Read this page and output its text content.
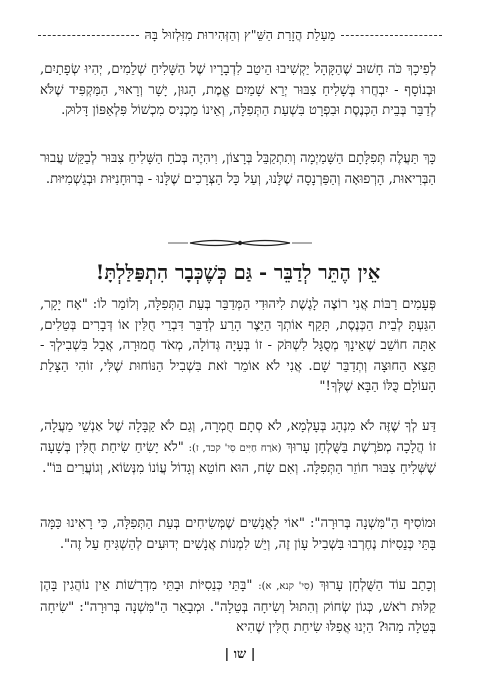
מַעַלַת הֲזָרַת הַשֵּׁ"ץ וְהַזְּהִירוּת מִזִּלְזוּל בָּהּ

לְפִיכָךְ כֹּה חָשׁוּב שֶׁהַקָּהָל יַקְשִׁיבוּ הֵיטֵב לִדְבָרָיו שֶׁל הַשָּׁלִיחַ שְׁלֵמִים, יְהִיוּ שְׂפָתַיִם, וּבְנוֹסָף - יִבְחֲרוּ בְּשָׁלִיחַ צִבּוּר יְרֵא שָׁמַיִם אֱמֶת, הָגוּן, יָשָׁר וְרָאוּי, הַמַּקְפִּיד שֶׁלֹּא לְדַבֵּר בְּבֵית הַכְּנֶסֶת וּבִפְרָט בִּשְׁעַת הַתְּפִלָּה, וְאֵינוֹ מַכְנִיס מִכְשׁוֹל פִּלְאַפּוֹן דָּלוּק.

כָּךְ תַּעֲלֶה תְּפִלָּתָם הַשָּׁמַיְמָה וְתִתְקַבֵּל בְּרָצוֹן, וִיהִיֶה בְּכֹחַ הַשָּׁלִיחַ צִבּוּר לְבַקֵּשׁ עֲבוּר הַבְּרִיאוּת, הָרְפוּאָה וְהַפַּרְנָסָה שֶׁלָּנוּ, וְעַל כָּל הַצְּרָכִים שֶׁלָּנוּ - בְּרוּחָנִיּוּת וּבְגַשְׁמִיּוּת.

אֵין הֶתֵּר לְדַבֵּר - גַּם כְּשֶׁכְּבָר הִתְפַּלַּלְתָּ!

פְּעָמִים רַבּוֹת אֲנִי רוֹצֶה לָגֶשֶׁת לִיהוּדִי הַמְּדַבֵּר בְּעֵת הַתְּפִלָּה, וְלוֹמַר לוֹ: "אָח יָקָר, הִגַּעְתָּ לְבֵית הַכְּנֶסֶת, תָּקַף אוֹתְךָ הַיֵּצֶר הָרַע לְדַבֵּר דִּבְרֵי חֻלִּין אוֹ דְּבָרִים בְּטֵלִים, אַתָּה חוֹשֵׁב שֶׁאֵינָךְ מְסֻגָּל לִשְׁתֹּק - זוֹ בְּעָיָה גְּדוֹלָה, מְאֹד חֲמוּרָה, אֲבָל בִּשְׁבִילְךָ - תֵּצֵא הַחוּצָה וְתְדַבֵּר שָׁם. אֲנִי לֹא אוֹמֵר זֹאת בִּשְׁבִיל הַנּוֹחוּת שֶׁלִּי, זוֹהִי הַצָּלַת הָעוֹלָם כֻּלּוֹ הַבָּא שֶׁלְּךָ!"

דַּע לְךָ שֶׁזֶּה לֹא מִנְהָג בְּעָלְמָא, לֹא סְתָם חֻמְרָה, וְגַם לֹא קַבָּלָה שֶׁל אַנְשֵׁי מַעֲלָה, זוֹ הֲלָכָה מְפֹרֶשֶׁת בַּשֻּׁלְחָן עָרוּךְ (אֹרַח חַיִּים סִי' קכד, ז): "לֹא יָשִׂיחַ שִׂיחַת חֻלִּין בְּשָׁעָה שֶׁשְּׁלִיחַ צִבּוּר חוֹזֵר הַתְּפִלָּה. וְאִם שָׂח, הוּא חוֹטֵא וְגָדוֹל עֲוֹנוֹ מִנְּשׂוֹא, וְגוֹעֲרִים בּוֹ".

וּמוֹסִיף הַ"מִּשְׁנָה בְּרוּרָה": "אוֹי לָאֲנָשִׁים שֶׁמְּשִׂיחִים בְּעֵת הַתְּפִלָּה, כִּי רָאִינוּ כַּמָּה בָּתֵּי כְּנֵסִיּוֹת נֶחֶרְבוּ בִּשְׁבִיל עָוֹן זֶה, וְיֵשׁ לִמְנוֹת אֲנָשִׁים יְדוּעִים לְהַשְׁגִּיחַ עַל זֶה".

וְכָתַב עוֹד הַשֻּׁלְחָן עָרוּךְ (סִי' קנא, א): "בָּתֵּי כְּנֵסִיּוֹת וּבָתֵּי מִדְרָשׁוֹת אֵין נוֹהֲגִין בָּהֶן קַלּוּת רֹאשׁ, כְּגוֹן שְׂחוֹק וְהִתּוּל וְשִׂיחָה בְּטֵלָה". וּמְבָאֵר הַ"מִּשְׁנָה בְּרוּרָה": "שִׂיחָה בְּטֵלָה מַהוּ? הַיְנוּ אֲפִלּוּ שִׂיחַת חֻלִּין שֶׁהִיא

| שו |
